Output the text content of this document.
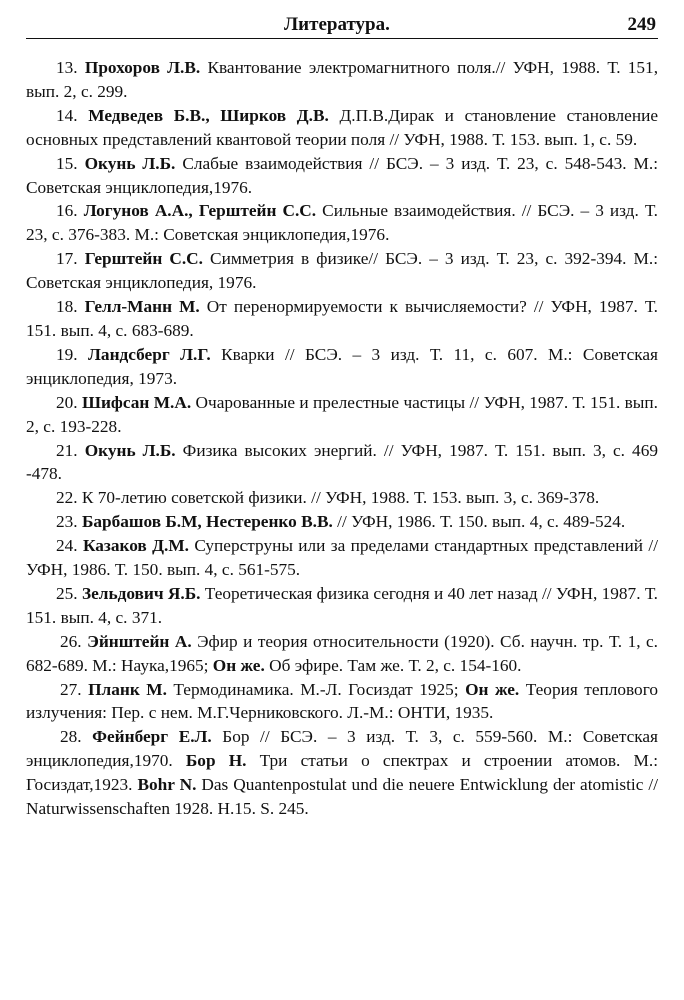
Литература.	249

13. Прохоров Л.В. Квантование электромагнитного поля.// УФН, 1988. Т. 151, вып. 2, с. 299.

14. Медведев Б.В., Ширков Д.В. Д.П.В.Дирак и становление становление основных представлений квантовой теории поля // УФН, 1988. Т. 153. вып. 1, с. 59.

15. Окунь Л.Б. Слабые взаимодействия // БСЭ. – 3 изд. Т. 23, с. 548-543. М.: Советская энциклопедия,1976.

16. Логунов А.А., Герштейн С.С. Сильные взаимодействия. // БСЭ. – 3 изд. Т. 23, с. 376-383. М.: Советская энциклопедия,1976.

17. Герштейн С.С. Симметрия в физике// БСЭ. – 3 изд. Т. 23, с. 392-394. М.: Советская энциклопедия, 1976.

18. Гелл-Манн М. От перенормируемости к вычисляемости? // УФН, 1987. Т. 151. вып. 4, с. 683-689.

19. Ландсберг Л.Г. Кварки // БСЭ. – 3 изд. Т. 11, с. 607. М.: Советская энциклопедия, 1973.

20. Шифсан М.А. Очарованные и прелестные частицы // УФН, 1987. Т. 151. вып. 2, с. 193-228.

21. Окунь Л.Б. Физика высоких энергий. // УФН, 1987. Т. 151. вып. 3, с. 469 -478.

22. К 70-летию советской физики. // УФН, 1988. Т. 153. вып. 3, с. 369-378.

23. Барбашов Б.М, Нестеренко В.В. // УФН, 1986. Т. 150. вып. 4, с. 489-524.

24. Казаков Д.М. Суперструны или за пределами стандартных представлений // УФН, 1986. Т. 150. вып. 4, с. 561-575.

25. Зельдович Я.Б. Теоретическая физика сегодня и 40 лет назад // УФН, 1987. Т. 151. вып. 4, с. 371.

26. Эйнштейн А. Эфир и теория относительности (1920). Сб. научн. тр. Т. 1, с. 682-689. М.: Наука,1965; Он же. Об эфире. Там же. Т. 2, с. 154-160.

27. Планк М. Термодинамика. М.-Л. Госиздат 1925; Он же. Теория теплового излучения: Пер. с нем. М.Г.Черниковского. Л.-М.: ОНТИ, 1935.

28. Фейнберг Е.Л. Бор // БСЭ. – 3 изд. Т. 3, с. 559-560. М.: Советская энциклопедия,1970. Бор Н. Три статьи о спектрах и строении атомов. М.: Госиздат,1923. Bohr N. Das Quantenpostulat und die neuere Entwicklung der atomistic // Naturwissenschaften 1928. H.15. S. 245.
